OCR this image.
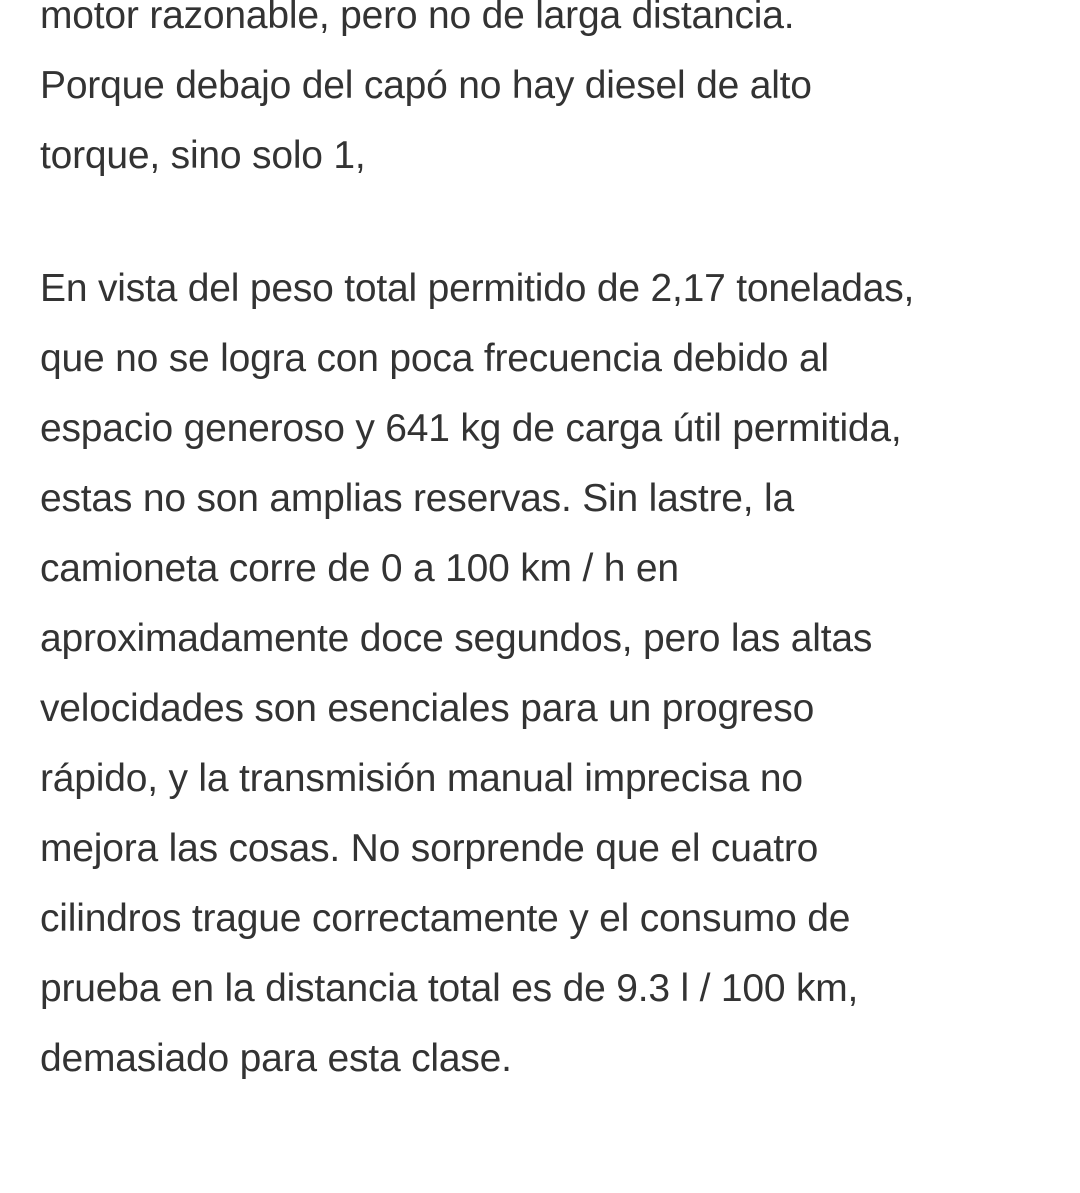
motor razonable, pero no de larga distancia.
Porque debajo del capó no hay diesel de alto
torque, sino solo 1,

En vista del peso total permitido de 2,17 toneladas,
que no se logra con poca frecuencia debido al
espacio generoso y 641 kg de carga útil permitida,
estas no son amplias reservas. Sin lastre, la
camioneta corre de 0 a 100 km / h en
aproximadamente doce segundos, pero las altas
velocidades son esenciales para un progreso
rápido, y la transmisión manual imprecisa no
mejora las cosas. No sorprende que el cuatro
cilindros trague correctamente y el consumo de
prueba en la distancia total es de 9.3 l / 100 km,
demasiado para esta clase.
